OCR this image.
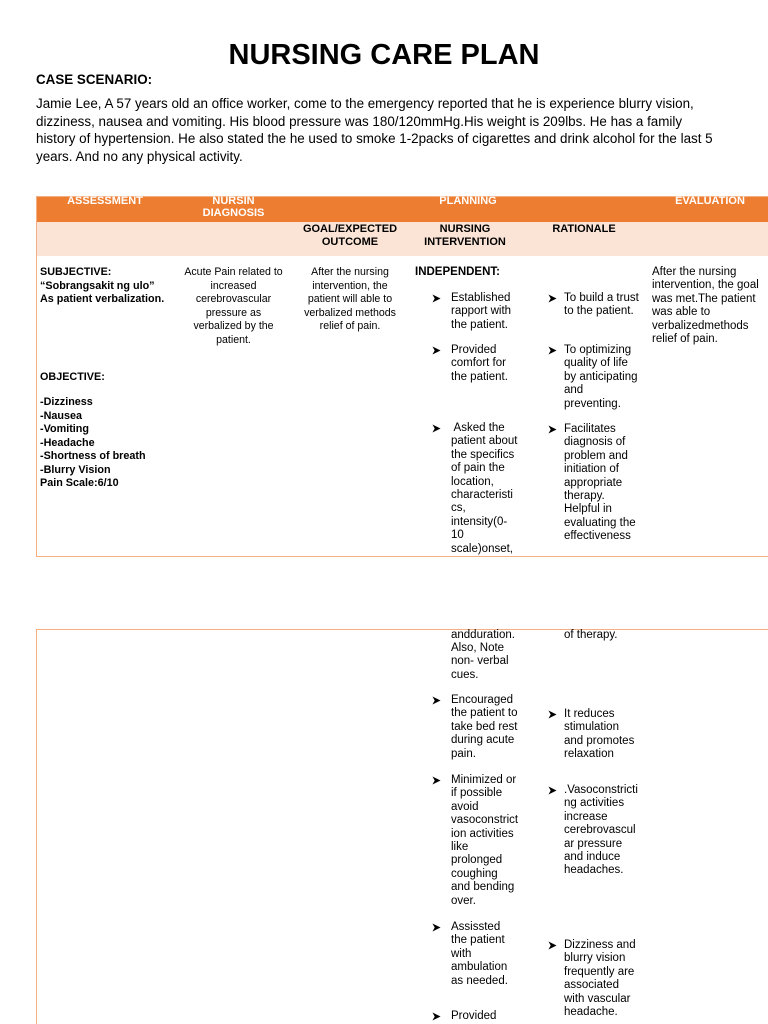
NURSING CARE PLAN
CASE SCENARIO:
Jamie Lee, A 57 years old an office worker, come to the emergency reported that he is experience blurry vision,
dizziness, nausea and vomiting. His blood pressure was 180/120mmHg.His weight is 209lbs. He has a family
history of hypertension. He also stated the he used to smoke 1-2packs of cigarettes and drink alcohol for the last 5
years. And no any physical activity.
ASSESSMENT	NURSIN
DIAGNOSIS
PLANNING	EVALUATION
GOAL/EXPECTED
OUTCOME
NURSING
INTERVENTION
RATIONALE
SUBJECTIVE:
“Sobrangsakit ng ulo”
As patient verbalization.
OBJECTIVE:
-Dizziness
-Nausea
-Vomiting
-Headache
-Shortness of breath
-Blurry Vision
Pain Scale:6/10
Acute Pain related to
increased
cerebrovascular
pressure as
verbalized by the
patient.
After the nursing
intervention, the
patient will able to
verbalized methods
relief of pain.
INDEPENDENT:
Established
rapport with
the patient.
Provided
comfort for
the patient.
Asked the
patient about
the specifics
of pain the
location,
characteristi
cs,
intensity(0-
10
scale)onset,
To build a trust
to the patient.
To optimizing
quality of life
by anticipating
and
preventing.
Facilitates
diagnosis of
problem and
initiation of
appropriate
therapy.
Helpful in
evaluating the
effectiveness
After the nursing
intervention, the goal
was met.The patient
was able to
verbalizedmethods
relief of pain.
andduration.
Also, Note
non- verbal
cues.
of therapy.
Encouraged
the patient to
take bed rest
during acute
pain.
Minimized or
if possible
avoid
vasoconstrict
ion activities
like
prolonged
coughing
and bending
over.
Assissted
the patient
with
ambulation
as needed.
Provided
It reduces
stimulation
and promotes
relaxation
.Vasoconstricti
ng activities
increase
cerebrovascul
ar pressure
and induce
headaches.
Dizziness and
blurry vision
frequently are
associated
with vascular
headache.
